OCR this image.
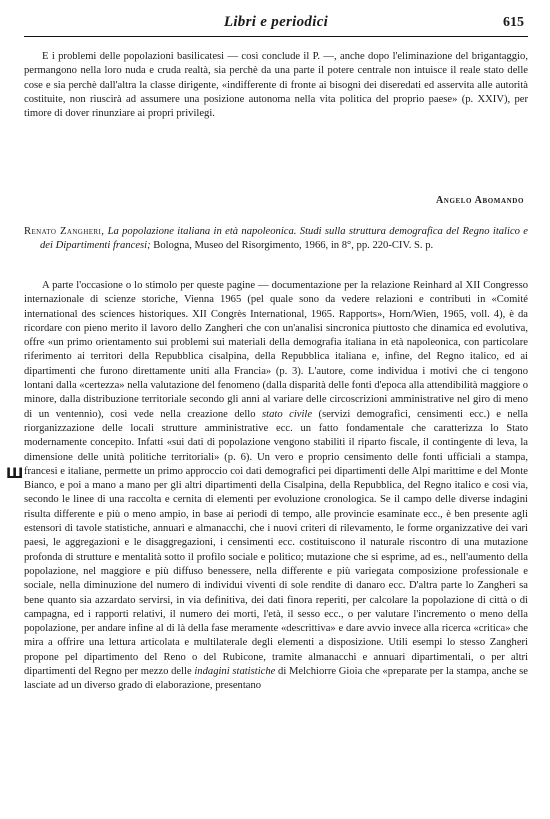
Libri e periodici	615

E i problemi delle popolazioni basilicatesi — così conclude il P. —, anche dopo l'eliminazione del brigantaggio, permangono nella loro nuda e cruda realtà, sia perchè da una parte il potere centrale non intuisce il reale stato delle cose e sia perchè dall'altra la classe dirigente, «indifferente di fronte ai bisogni dei diseredati ed asservita alle autorità costituite, non riuscirà ad assumere una posizione autonoma nella vita politica del proprio paese» (p. XXIV), per timore di dover rinunziare ai propri privilegi.

Angelo Abomando

Renato Zangheri, La popolazione italiana in età napoleonica. Studi sulla struttura demografica del Regno italico e dei Dipartimenti francesi; Bologna, Museo del Risorgimento, 1966, in 8°, pp. 220-CIV. S. p.

Ш

A parte l'occasione o lo stimolo per queste pagine — documentazione per la relazione Reinhard al XII Congresso internazionale di scienze storiche, Vienna 1965 (pel quale sono da vedere relazioni e contributi in «Comité international des sciences historiques. XII Congrès International, 1965. Rapports», Horn/Wien, 1965, voll. 4), è da ricordare con pieno merito il lavoro dello Zangheri che con un'analisi sincronica piuttosto che dinamica ed evolutiva, offre «un primo orientamento sui problemi sui materiali della demografia italiana in età napoleonica, con particolare riferimento ai territori della Repubblica cisalpina, della Repubblica italiana e, infine, del Regno italico, ed ai dipartimenti che furono direttamente uniti alla Francia» (p. 3). L'autore, come individua i motivi che ci tengono lontani dalla «certezza» nella valutazione del fenomeno (dalla disparità delle fonti d'epoca alla attendibilità maggiore o minore, dalla distribuzione territoriale secondo gli anni al variare delle circoscrizioni amministrative nel giro di meno di un ventennio), così vede nella creazione dello stato civile (servizi demografici, censimenti ecc.) e nella riorganizzazione delle locali strutture amministrative ecc. un fatto fondamentale che caratterizza lo Stato modernamente concepito. Infatti «sui dati di popolazione vengono stabiliti il riparto fiscale, il contingente di leva, la dimensione delle unità politiche territoriali» (p. 6). Un vero e proprio censimento delle fonti ufficiali a stampa, francesi e italiane, permette un primo approccio coi dati demografici pei dipartimenti delle Alpi marittime e del Monte Bianco, e poi a mano a mano per gli altri dipartimenti della Cisalpina, della Repubblica, del Regno italico e così via, secondo le linee di una raccolta e cernita di elementi per evoluzione cronologica. Se il campo delle diverse indagini risulta differente e più o meno ampio, in base ai periodi di tempo, alle provincie esaminate ecc., è ben presente agli estensori di tavole statistiche, annuari e almanacchi, che i nuovi criteri di rilevamento, le forme organizzative dei vari paesi, le aggregazioni e le disaggregazioni, i censimenti ecc. costituiscono il naturale riscontro di una mutazione profonda di strutture e mentalità sotto il profilo sociale e politico; mutazione che si esprime, ad es., nell'aumento della popolazione, nel maggiore e più diffuso benessere, nella differente e più variegata composizione professionale e sociale, nella diminuzione del numero di individui viventi di sole rendite di danaro ecc. D'altra parte lo Zangheri sa bene quanto sia azzardato servirsi, in via definitiva, dei dati finora reperiti, per calcolare la popolazione di città o di campagna, ed i rapporti relativi, il numero dei morti, l'età, il sesso ecc., o per valutare l'incremento o meno della popolazione, per andare infine al di là della fase meramente «descrittiva» e dare avvio invece alla ricerca «critica» che mira a offrire una lettura articolata e multilaterale degli elementi a disposizione. Utili esempi lo stesso Zangheri propone pel dipartimento del Reno o del Rubicone, tramite almanacchi e annuari dipartimentali, o per altri dipartimenti del Regno per mezzo delle indagini statistiche di Melchiorre Gioia che «preparate per la stampa, anche se lasciate ad un diverso grado di elaborazione, presentano
